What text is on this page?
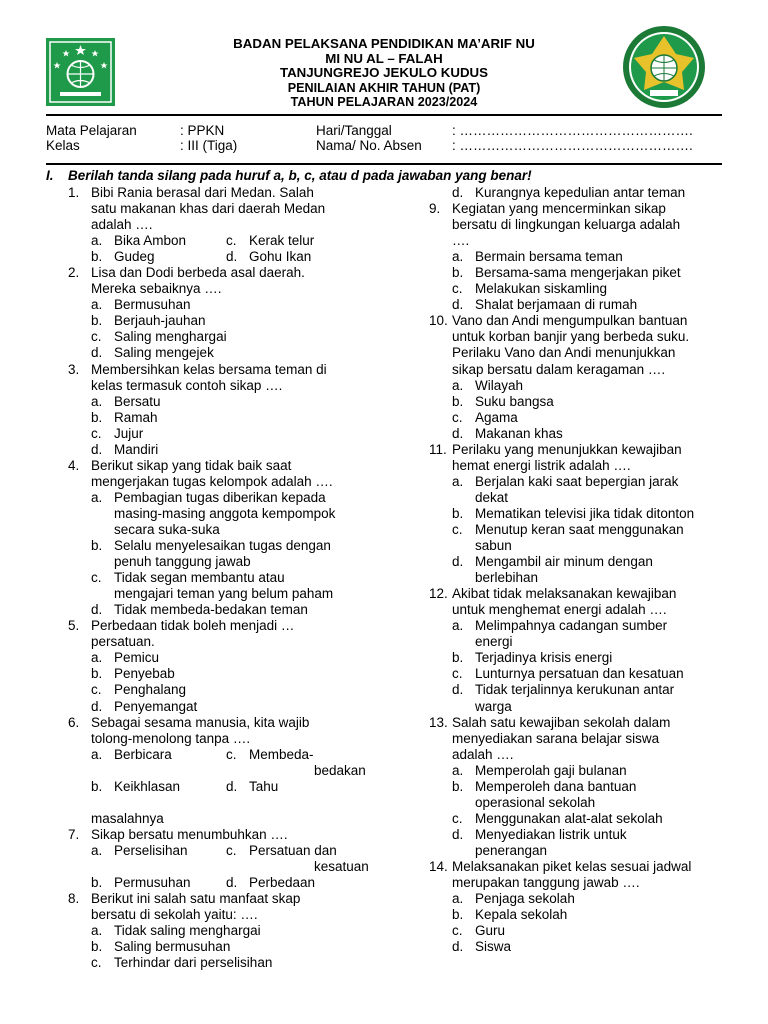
BADAN PELAKSANA PENDIDIKAN MA’ARIF NU
MI NU AL – FALAH
TANJUNGREJO JEKULO KUDUS
PENILAIAN AKHIR TAHUN (PAT)
TAHUN PELAJARAN 2023/2024
Mata Pelajaran	: PPKN	Hari/Tanggal	: …………………………………………….
Kelas	: III (Tiga)	Nama/ No. Absen : …………………………………………….
I. Berilah tanda silang pada huruf a, b, c, atau d pada jawaban yang benar!
1. Bibi Rania berasal dari Medan. Salah
satu makanan khas dari daerah Medan
adalah ….
a. Bika Ambon	c. Kerak telur
b. Gudeg	d. Gohu Ikan
2. Lisa dan Dodi berbeda asal daerah.
Mereka sebaiknya ….
a. Bermusuhan
b. Berjauh-jauhan
c. Saling menghargai
d. Saling mengejek
3. Membersihkan kelas bersama teman di
kelas termasuk contoh sikap ….
a. Bersatu
b. Ramah
c. Jujur
d. Mandiri
4. Berikut sikap yang tidak baik saat
mengerjakan tugas kelompok adalah ….
a. Pembagian tugas diberikan kepada
masing-masing anggota kempompok
secara suka-suka
b. Selalu menyelesaikan tugas dengan
penuh tanggung jawab
c. Tidak segan membantu atau
mengajari teman yang belum paham
d. Tidak membeda-bedakan teman
5. Perbedaan tidak boleh menjadi …
persatuan.
a. Pemicu
b. Penyebab
c. Penghalang
d. Penyemangat
6. Sebagai sesama manusia, kita wajib
tolong-menolong tanpa ….
a. Berbicara	c. Membeda-
bedakan
b. Keikhlasan	d. Tahu
masalahnya
7. Sikap bersatu menumbuhkan ….
a. Perselisihan	c. Persatuan dan
kesatuan
b. Permusuhan	d. Perbedaan
8. Berikut ini salah satu manfaat skap
bersatu di sekolah yaitu: ….
a. Tidak saling menghargai
b. Saling bermusuhan
c. Terhindar dari perselisihan
d. Kurangnya kepedulian antar teman
9. Kegiatan yang mencerminkan sikap
bersatu di lingkungan keluarga adalah
….
a. Bermain bersama teman
b. Bersama-sama mengerjakan piket
c. Melakukan siskamling
d. Shalat berjamaan di rumah
10. Vano dan Andi mengumpulkan bantuan
untuk korban banjir yang berbeda suku.
Perilaku Vano dan Andi menunjukkan
sikap bersatu dalam keragaman ….
a. Wilayah
b. Suku bangsa
c. Agama
d. Makanan khas
11. Perilaku yang menunjukkan kewajiban
hemat energi listrik adalah ….
a. Berjalan kaki saat bepergian jarak
dekat
b. Mematikan televisi jika tidak ditonton
c. Menutup keran saat menggunakan
sabun
d. Mengambil air minum dengan
berlebihan
12. Akibat tidak melaksanakan kewajiban
untuk menghemat energi adalah ….
a. Melimpahnya cadangan sumber
energi
b. Terjadinya krisis energi
c. Lunturnya persatuan dan kesatuan
d. Tidak terjalinnya kerukunan antar
warga
13. Salah satu kewajiban sekolah dalam
menyediakan sarana belajar siswa
adalah ….
a. Memperolah gaji bulanan
b. Memperoleh dana bantuan
operasional sekolah
c. Menggunakan alat-alat sekolah
d. Menyediakan listrik untuk
penerangan
14. Melaksanakan piket kelas sesuai jadwal
merupakan tanggung jawab ….
a. Penjaga sekolah
b. Kepala sekolah
c. Guru
d. Siswa
